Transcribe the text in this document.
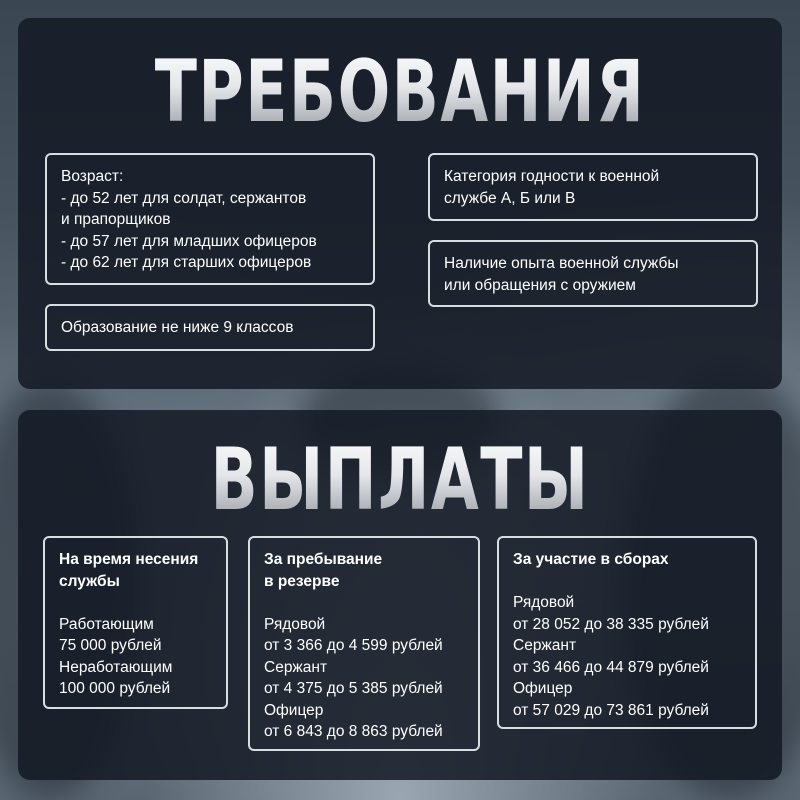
ТРЕБОВАНИЯ
Возраст:
- до 52 лет для солдат, сержантов
и прапорщиков
- до 57 лет для младших офицеров
- до 62 лет для старших офицеров
Образование не ниже 9 классов
Категория годности к военной
службе А, Б или В
Наличие опыта военной службы
или обращения с оружием
ВЫПЛАТЫ
На время несения
службы
Работающим
75 000 рублей
Неработающим
100 000 рублей
За пребывание
в резерве
Рядовой
от 3 366 до 4 599 рублей
Сержант
от 4 375 до 5 385 рублей
Офицер
от 6 843 до 8 863 рублей
За участие в сборах
Рядовой
от 28 052 до 38 335 рублей
Сержант
от 36 466 до 44 879 рублей
Офицер
от 57 029 до 73 861 рублей
